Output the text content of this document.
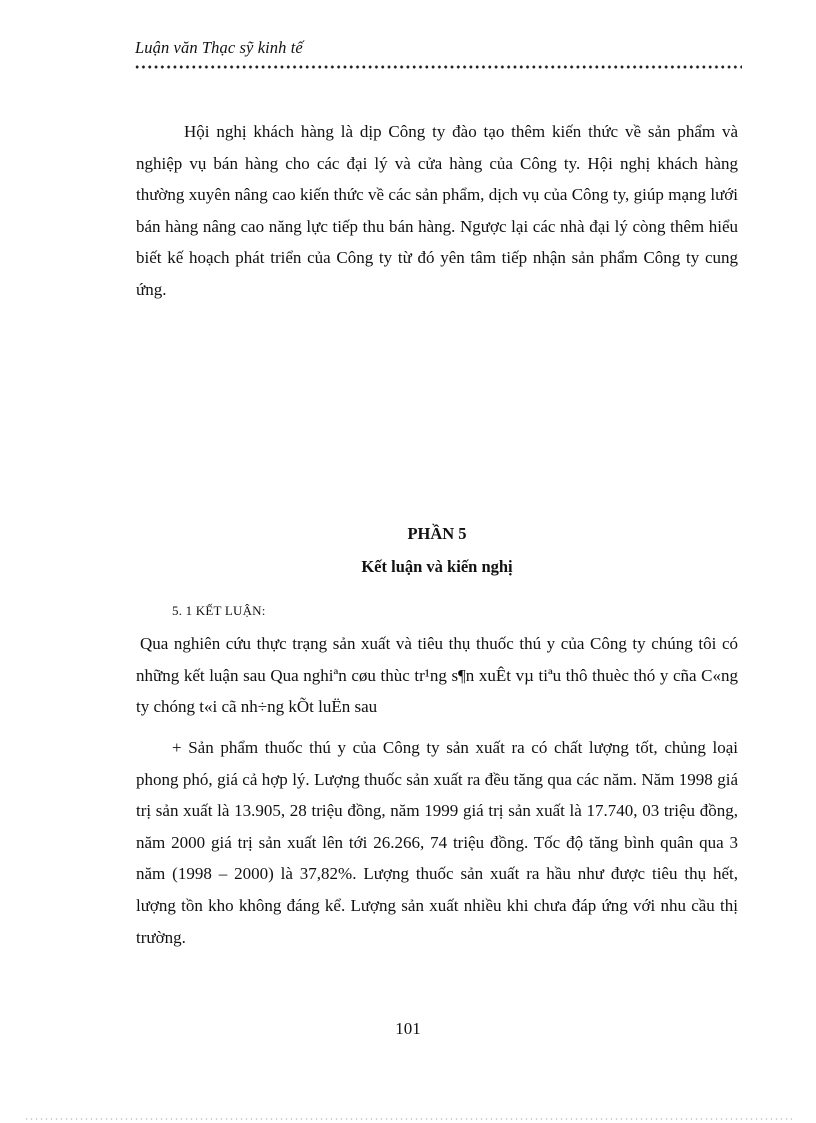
Luận văn Thạc sỹ kinh tế

Hội nghị khách hàng là dịp Công ty đào tạo thêm kiến thức về sản phẩm và nghiệp vụ bán hàng cho các đại lý và cửa hàng của Công ty. Hội nghị khách hàng thường xuyên nâng cao kiến thức về các sản phẩm, dịch vụ của Công ty, giúp mạng lưới bán hàng nâng cao năng lực tiếp thu bán hàng. Ngược lại các nhà đại lý còng thêm hiểu biết kế hoạch phát triển của Công ty từ đó yên tâm tiếp nhận sản phẩm Công ty cung ứng.

PHẦN 5
Kết luận và kiến nghị
5. 1 KẾT LUẬN:

Qua nghiên cứu thực trạng sản xuất và tiêu thụ thuốc thú y của Công ty chúng tôi có những kết luận sau Qua nghiªn cøu thùc tr¹ng s¶n xuÊt vµ tiªu thô thuèc thó y cña C«ng ty chóng t«i cã nh÷ng kÕt luËn sau

+ Sản phẩm thuốc thú y của Công ty sản xuất ra có chất lượng tốt, chủng loại phong phó, giá cả hợp lý. Lượng thuốc sản xuất ra đều tăng qua các năm. Năm 1998 giá trị sản xuất là 13.905, 28 triệu đồng, năm 1999 giá trị sản xuất là 17.740, 03 triệu đồng, năm 2000 giá trị sản xuất lên tới 26.266, 74 triệu đồng. Tốc độ tăng bình quân qua 3 năm (1998 – 2000) là 37,82%. Lượng thuốc sản xuất ra hầu như được tiêu thụ hết, lượng tồn kho không đáng kể. Lượng sản xuất nhiều khi chưa đáp ứng với nhu cầu thị trường.

101
